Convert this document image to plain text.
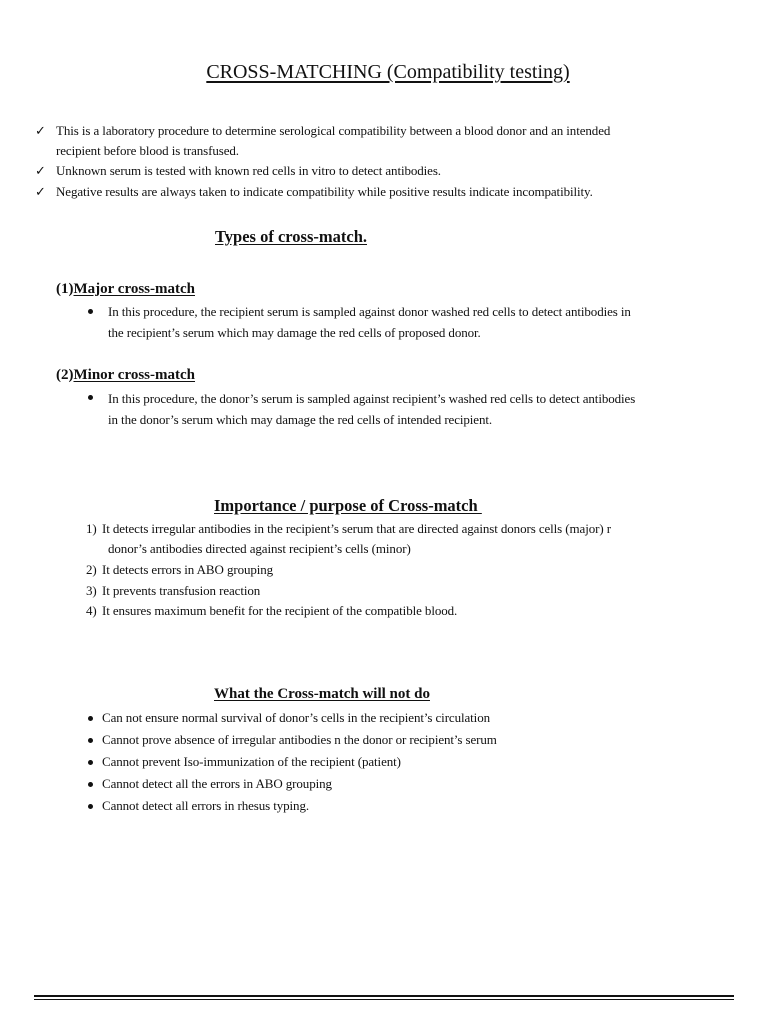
CROSS-MATCHING (Compatibility testing)
✓ This is a laboratory procedure to determine serological compatibility between a blood donor and an intended
recipient before blood is transfused.
✓ Unknown serum is tested with known red cells in vitro to detect antibodies.
✓ Negative results are always taken to indicate compatibility while positive results indicate incompatibility.
Types of cross-match.
(1)Major cross-match
In this procedure, the recipient serum is sampled against donor washed red cells to detect antibodies in
the recipient’s serum which may damage the red cells of proposed donor.
(2)Minor cross-match
In this procedure, the donor’s serum is sampled against recipient’s washed red cells to detect antibodies
in the donor’s serum which may damage the red cells of intended recipient.
Importance / purpose of Cross-match
1) It detects irregular antibodies in the recipient’s serum that are directed against donors cells (major) r
donor’s antibodies directed against recipient’s cells (minor)
2) It detects errors in ABO grouping
3) It prevents transfusion reaction
4) It ensures maximum benefit for the recipient of the compatible blood.
What the Cross-match will not do
Can not ensure normal survival of donor’s cells in the recipient’s circulation
Cannot prove absence of irregular antibodies n the donor or recipient’s serum
Cannot prevent Iso-immunization of the recipient (patient)
Cannot detect all the errors in ABO grouping
Cannot detect all errors in rhesus typing.
